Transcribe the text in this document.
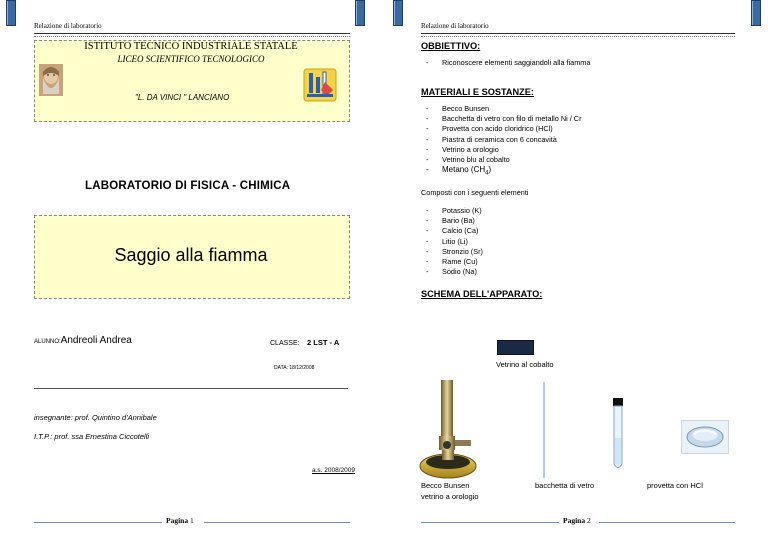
Relazione di laboratorio
ISTITUTO TECNICO INDUSTRIALE STATALE
LICEO SCIENTIFICO TECNOLOGICO
"L. DA VINCI " LANCIANO
LABORATORIO DI FISICA - CHIMICA
Saggio alla fiamma
ALUNNO:Andreoli Andrea	CLASSE: 2 LST - A
DATA: 18/12/2008
insegnante: prof. Quintino d'Annibale
I.T.P.: prof. ssa Ernestina Ciccotelli
a.s. 2008/2009
Pagina 1
Relazione di laboratorio
OBBIETTIVO:
- Riconoscere elementi saggiandoli alla fiamma
MATERIALI E SOSTANZE:
- Becco Bunsen
- Bacchetta di vetro con filo di metallo Ni / Cr
- Provetta con acido cloridrico (HCl)
- Piastra di ceramica con 6 concavità
- Vetrino a orologio
- Vetrino blu al cobalto
- Metano $(CH_4)$
Composti con i seguenti elementi
- Potassio (K)
- Bario (Ba)
- Calcio (Ca)
- Litio (Li)
- Stronzio (Sr)
- Rame (Cu)
- Sodio (Na)
SCHEMA DELL'APPARATO:
Vetrino al cobalto
Becco Bunsen
vetrino a orologio
bacchetta di vetro	provetta con HCl
Pagina 2
